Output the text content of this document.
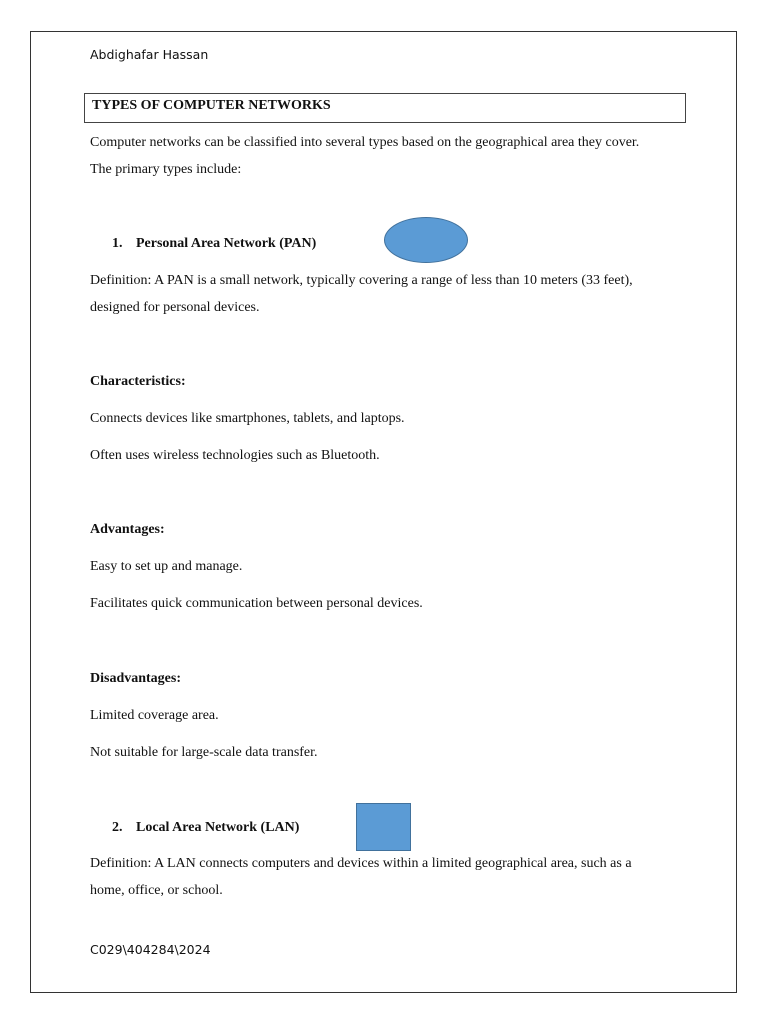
Abdighafar Hassan
TYPES OF COMPUTER NETWORKS
Computer networks can be classified into several types based on the geographical area they cover.
The primary types include:
1. Personal Area Network (PAN)
Definition: A PAN is a small network, typically covering a range of less than 10 meters (33 feet),
designed for personal devices.
Characteristics:
Connects devices like smartphones, tablets, and laptops.
Often uses wireless technologies such as Bluetooth.
Advantages:
Easy to set up and manage.
Facilitates quick communication between personal devices.
Disadvantages:
Limited coverage area.
Not suitable for large-scale data transfer.
2. Local Area Network (LAN)
Definition: A LAN connects computers and devices within a limited geographical area, such as a
home, office, or school.
C029\404284\2024
